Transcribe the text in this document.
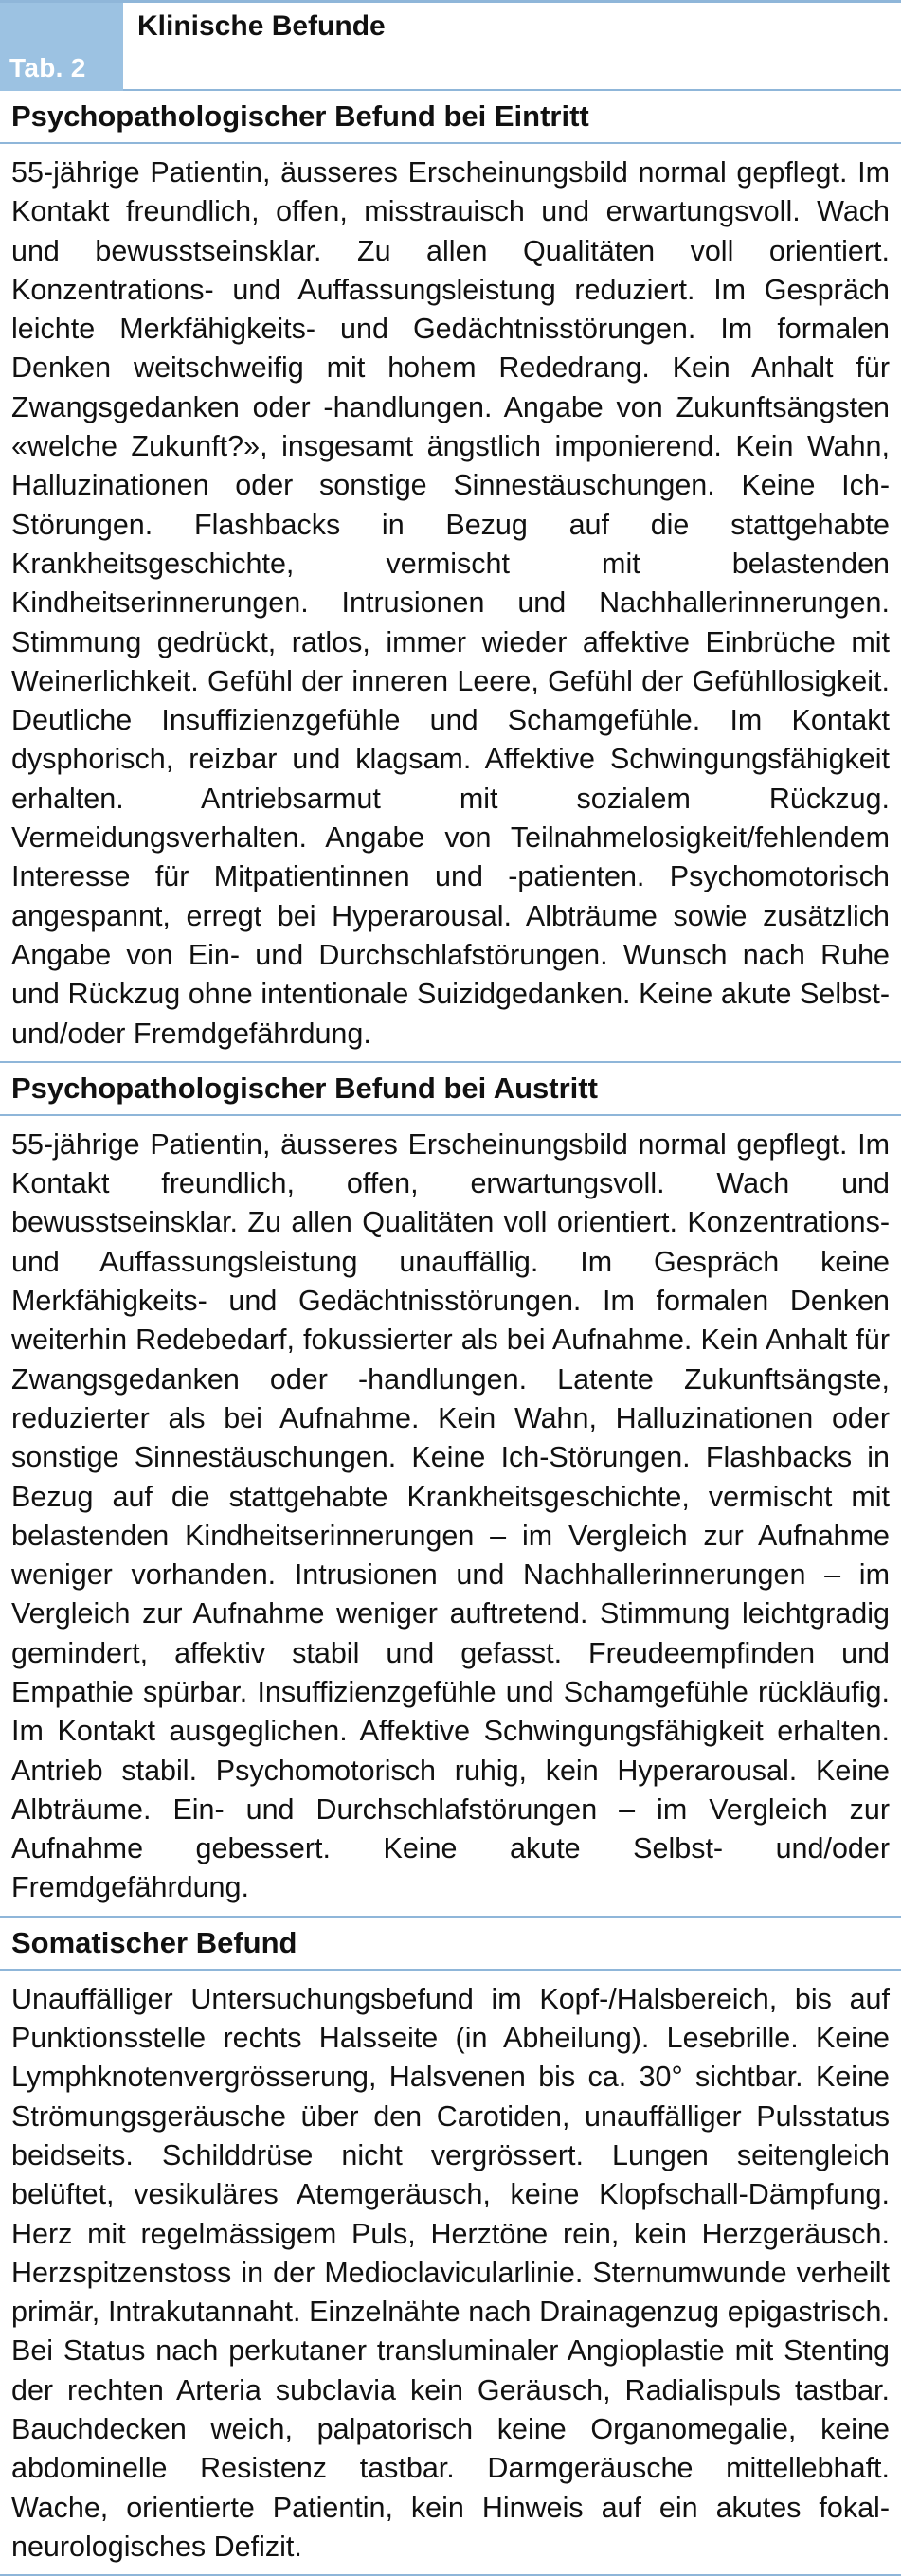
Tab. 2
Klinische Befunde
Psychopathologischer Befund bei Eintritt
55-jährige Patientin, äusseres Erscheinungsbild normal gepflegt. Im Kontakt freundlich, offen, misstrauisch und erwartungsvoll. Wach und bewusstseinsklar. Zu allen Qualitäten voll orientiert. Konzentrations- und Auffassungsleistung reduziert. Im Gespräch leichte Merkfähigkeits- und Gedächtnisstörungen. Im formalen Denken weitschweifig mit hohem Rededrang. Kein Anhalt für Zwangsgedanken oder -handlungen. Angabe von Zukunftsängsten «welche Zukunft?», insgesamt ängstlich imponierend. Kein Wahn, Halluzinationen oder sonstige Sinnestäuschungen. Keine Ich-Störungen. Flashbacks in Bezug auf die stattgehabte Krankheitsgeschichte, vermischt mit belastenden Kindheitserinnerungen. Intrusionen und Nachhallerinnerungen. Stimmung gedrückt, ratlos, immer wieder affektive Einbrüche mit Weinerlichkeit. Gefühl der inneren Leere, Gefühl der Gefühllosigkeit. Deutliche Insuffizienzgefühle und Schamgefühle. Im Kontakt dysphorisch, reizbar und klagsam. Affektive Schwingungsfähigkeit erhalten. Antriebsarmut mit sozialem Rückzug. Vermeidungsverhalten. Angabe von Teilnahmelosigkeit/fehlendem Interesse für Mitpatientinnen und -patienten. Psychomotorisch angespannt, erregt bei Hyperarousal. Albträume sowie zusätzlich Angabe von Ein- und Durchschlafstörungen. Wunsch nach Ruhe und Rückzug ohne intentionale Suizidgedanken. Keine akute Selbst- und/oder Fremdgefährdung.
Psychopathologischer Befund bei Austritt
55-jährige Patientin, äusseres Erscheinungsbild normal gepflegt. Im Kontakt freundlich, offen, erwartungsvoll. Wach und bewusstseinsklar. Zu allen Qualitäten voll orientiert. Konzentrations- und Auffassungsleistung unauffällig. Im Gespräch keine Merkfähigkeits- und Gedächtnisstörungen. Im formalen Denken weiterhin Redebedarf, fokussierter als bei Aufnahme. Kein Anhalt für Zwangsgedanken oder -handlungen. Latente Zukunftsängste, reduzierter als bei Aufnahme. Kein Wahn, Halluzinationen oder sonstige Sinnestäuschungen. Keine Ich-Störungen. Flashbacks in Bezug auf die stattgehabte Krankheitsgeschichte, vermischt mit belastenden Kindheitserinnerungen – im Vergleich zur Aufnahme weniger vorhanden. Intrusionen und Nachhallerinnerungen – im Vergleich zur Aufnahme weniger auftretend. Stimmung leichtgradig gemindert, affektiv stabil und gefasst. Freudeempfinden und Empathie spürbar. Insuffizienzgefühle und Schamgefühle rückläufig. Im Kontakt ausgeglichen. Affektive Schwingungsfähigkeit erhalten. Antrieb stabil. Psychomotorisch ruhig, kein Hyperarousal. Keine Albträume. Ein- und Durchschlafstörungen – im Vergleich zur Aufnahme gebessert. Keine akute Selbst- und/oder Fremdgefährdung.
Somatischer Befund
Unauffälliger Untersuchungsbefund im Kopf-/Halsbereich, bis auf Punktionsstelle rechts Halsseite (in Abheilung). Lesebrille. Keine Lymphknotenvergrösserung, Halsvenen bis ca. 30° sichtbar. Keine Strömungsgeräusche über den Carotiden, unauffälliger Pulsstatus beidseits. Schilddrüse nicht vergrössert. Lungen seitengleich belüftet, vesikuläres Atemgeräusch, keine Klopfschall-Dämpfung. Herz mit regelmässigem Puls, Herztöne rein, kein Herzgeräusch. Herzspitzenstoss in der Medioclavicularlinie. Sternumwunde verheilt primär, Intrakutannaht. Einzelnähte nach Drainagenzug epigastrisch. Bei Status nach perkutaner transluminaler Angioplastie mit Stenting der rechten Arteria subclavia kein Geräusch, Radialispuls tastbar. Bauchdecken weich, palpatorisch keine Organomegalie, keine abdominelle Resistenz tastbar. Darmgeräusche mittellebhaft. Wache, orientierte Patientin, kein Hinweis auf ein akutes fokal-neurologisches Defizit.
